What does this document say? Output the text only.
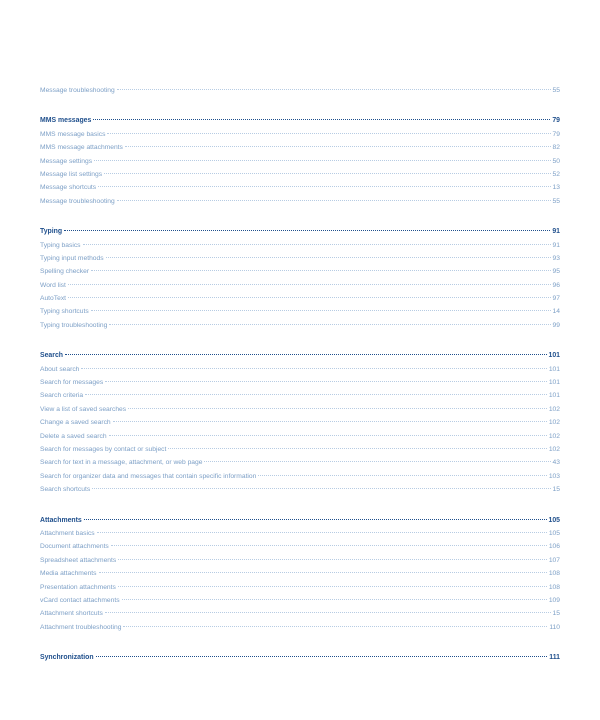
Message troubleshooting	55
MMS messages	79
MMS message basics	79
MMS message attachments	82
Message settings	50
Message list settings	52
Message shortcuts	13
Message troubleshooting	55
Typing	91
Typing basics	91
Typing input methods	93
Spelling checker	95
Word list	96
AutoText	97
Typing shortcuts	14
Typing troubleshooting	99
Search	101
About search	101
Search for messages	101
Search criteria	101
View a list of saved searches	102
Change a saved search	102
Delete a saved search	102
Search for messages by contact or subject	102
Search for text in a message, attachment, or web page	43
Search for organizer data and messages that contain specific information	103
Search shortcuts	15
Attachments	105
Attachment basics	105
Document attachments	106
Spreadsheet attachments	107
Media attachments	108
Presentation attachments	108
vCard contact attachments	109
Attachment shortcuts	15
Attachment troubleshooting	110
Synchronization	111
